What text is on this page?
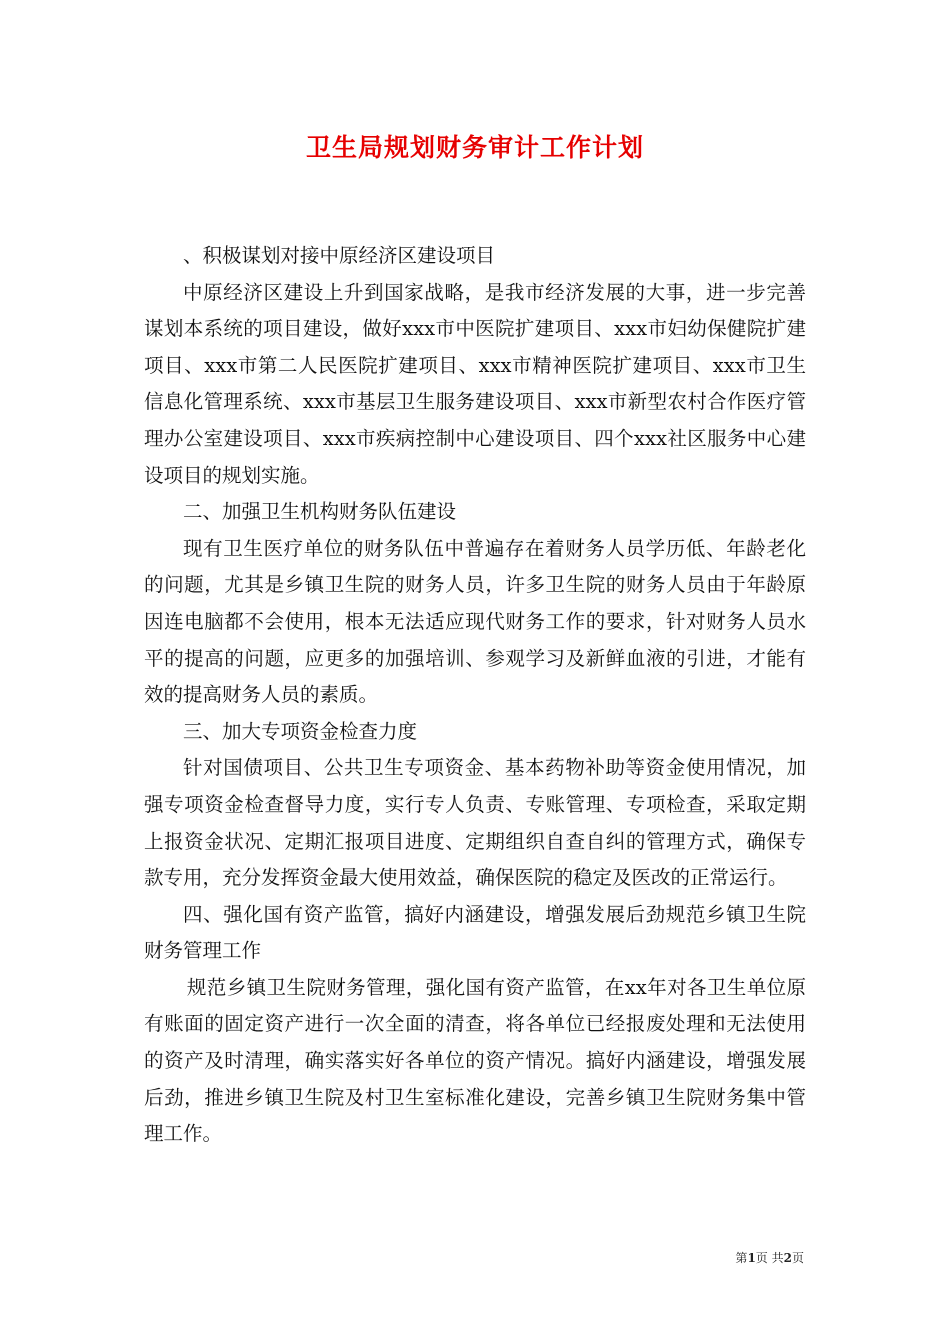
卫生局规划财务审计工作计划

、积极谋划对接中原经济区建设项目

中原经济区建设上升到国家战略，是我市经济发展的大事，进一步完善谋划本系统的项目建设，做好xxx市中医院扩建项目、xxx市妇幼保健院扩建项目、xxx市第二人民医院扩建项目、xxx市精神医院扩建项目、xxx市卫生信息化管理系统、xxx市基层卫生服务建设项目、xxx市新型农村合作医疗管理办公室建设项目、xxx市疾病控制中心建设项目、四个xxx社区服务中心建设项目的规划实施。

二、加强卫生机构财务队伍建设

现有卫生医疗单位的财务队伍中普遍存在着财务人员学历低、年龄老化的问题，尤其是乡镇卫生院的财务人员，许多卫生院的财务人员由于年龄原因连电脑都不会使用，根本无法适应现代财务工作的要求，针对财务人员水平的提高的问题，应更多的加强培训、参观学习及新鲜血液的引进，才能有效的提高财务人员的素质。

三、加大专项资金检查力度

针对国债项目、公共卫生专项资金、基本药物补助等资金使用情况，加强专项资金检查督导力度，实行专人负责、专账管理、专项检查，采取定期上报资金状况、定期汇报项目进度、定期组织自查自纠的管理方式，确保专款专用，充分发挥资金最大使用效益，确保医院的稳定及医改的正常运行。

四、强化国有资产监管，搞好内涵建设，增强发展后劲规范乡镇卫生院财务管理工作

规范乡镇卫生院财务管理，强化国有资产监管，在xx年对各卫生单位原有账面的固定资产进行一次全面的清查，将各单位已经报废处理和无法使用的资产及时清理，确实落实好各单位的资产情况。搞好内涵建设，增强发展后劲，推进乡镇卫生院及村卫生室标准化建设，完善乡镇卫生院财务集中管理工作。

第1页 共2页
